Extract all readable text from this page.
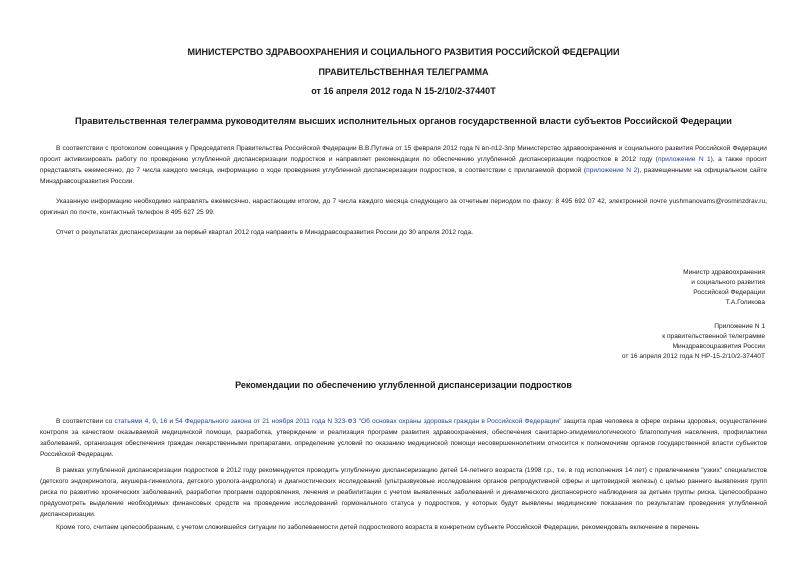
МИНИСТЕРСТВО ЗДРАВООХРАНЕНИЯ И СОЦИАЛЬНОГО РАЗВИТИЯ РОССИЙСКОЙ ФЕДЕРАЦИИ
ПРАВИТЕЛЬСТВЕННАЯ ТЕЛЕГРАММА
от 16 апреля 2012 года N 15-2/10/2-37440Т
Правительственная телеграмма руководителям высших исполнительных органов государственной власти субъектов Российской Федерации
В соответствии с протоколом совещания у Председателя Правительства Российской Федерации В.В.Путина от 15 февраля 2012 года N вп-п12-3пр Министерство здравоохранения и социального развития Российской Федерации просит активизировать работу по проведению углубленной диспансеризации подростков и направляет рекомендации по обеспечению углубленной диспансеризации подростков в 2012 году (приложение N 1), а также просит представлять ежемесячно, до 7 числа каждого месяца, информацию о ходе проведения углубленной диспансеризации подростков, в соответствии с прилагаемой формой (приложение N 2), размещенными на официальном сайте Минздравсоцразвития России.
Указанную информацию необходимо направлять ежемесячно, нарастающим итогом, до 7 числа каждого месяца следующего за отчетным периодом по факсу: 8 495 692 07 42, электронной почте yushmanovams@rosminzdrav.ru, оригинал по почте, контактный телефон 8 495 627 25 99.
Отчет о результатах диспансеризации за первый квартал 2012 года направить в Минздравсоцразвития России до 30 апреля 2012 года.
Министр здравоохранения
и социального развития
Российской Федерации
Т.А.Голикова
Приложение N 1
к правительственной телеграмме
Минздравсоцразвития России
от 16 апреля 2012 года N НР-15-2/10/2-37440Т
Рекомендации по обеспечению углубленной диспансеризации подростков
В соответствии со статьями 4, 9, 16 и 54 Федерального закона от 21 ноября 2011 года N 323-ФЗ "Об основах охраны здоровья граждан в Российской Федерации" защита прав человека в сфере охраны здоровья, осуществление контроля за качеством оказываемой медицинской помощи, разработка, утверждение и реализация программ развития здравоохранения, обеспечения санитарно-эпидемиологического благополучия населения, профилактики заболеваний, организация обеспечения граждан лекарственными препаратами, определение условий по оказанию медицинской помощи несовершеннолетним относится к полномочиям органов государственной власти субъектов Российской Федерации.
В рамках углубленной диспансеризации подростков в 2012 году рекомендуется проводить углубленную диспансеризацию детей 14-летнего возраста (1998 г.р., т.е. в год исполнения 14 лет) с привлечением "узких" специалистов (детского эндокринолога, акушера-гинеколога, детского уролога-андролога) и диагностических исследований (ультразвуковые исследования органов репродуктивной сферы и щитовидной железы) с целью раннего выявления групп риска по развитию хронических заболеваний, разработки программ оздоровления, лечения и реабилитации с учетом выявленных заболеваний и динамического диспансерного наблюдения за детьми группы риска. Целесообразно предусмотреть выделение необходимых финансовых средств на проведение исследований гормонального статуса у подростков, у которых будут выявлены медицинские показания по результатам проведения углубленной диспансеризации.
Кроме того, считаем целесообразным, с учетом сложившейся ситуации по заболеваемости детей подросткового возраста в конкретном субъекте Российской Федерации, рекомендовать включение в перечень
